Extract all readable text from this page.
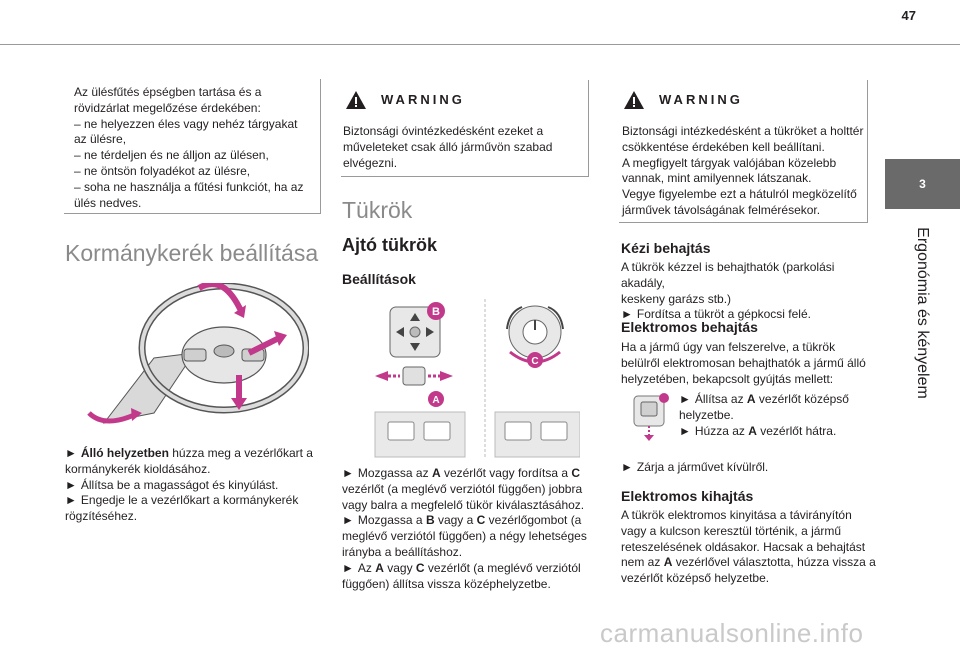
47
3
Ergonómia és kényelem

Az ülésfűtés épségben tartása és a

rövidzárlat megelőzése érdekében:

– ne helyezzen éles vagy nehéz tárgyakat

az ülésre,

– ne térdeljen és ne álljon az ülésen,

– ne öntsön folyadékot az ülésre,

– soha ne használja a fűtési funkciót, ha az

ülés nedves.

Kormánykerék beállítása

► Álló helyzetben húzza meg a vezérlőkart a

kormánykerék kioldásához.

► Állítsa be a magasságot és kinyúlást.

► Engedje le a vezérlőkart a kormánykerék

rögzítéséhez.

WARNING

Biztonsági óvintézkedésként ezeket a

műveleteket csak álló járművön szabad

elvégezni.

Tükrök
Ajtó tükrök
Beállítások
B
A
C

► Mozgassa az A vezérlőt vagy fordítsa a C

vezérlőt (a meglévő verziótól függően) jobbra

vagy balra a megfelelő tükör kiválasztásához.

► Mozgassa a B vagy a C vezérlőgombot (a

meglévő verziótól függően) a négy lehetséges

irányba a beállításhoz.

► Az A vagy C vezérlőt (a meglévő verziótól

függően) állítsa vissza középhelyzetbe.

WARNING

Biztonsági intézkedésként a tükröket a holttér

csökkentése érdekében kell beállítani.

A megfigyelt tárgyak valójában közelebb

vannak, mint amilyennek látszanak.

Vegye figyelembe ezt a hátulról megközelítő

járművek távolságának felmérésekor.

Kézi behajtás

A tükrök kézzel is behajthatók (parkolási akadály,

keskeny garázs stb.)

► Fordítsa a tükröt a gépkocsi felé.

Elektromos behajtás

Ha a jármű úgy van felszerelve, a tükrök

belülről elektromosan behajthatók a jármű álló

helyzetében, bekapcsolt gyújtás mellett:

► Állítsa az A vezérlőt középső

helyzetbe.

► Húzza az A vezérlőt hátra.

► Zárja a járművet kívülről.

Elektromos kihajtás

A tükrök elektromos kinyitása a távirányítón

vagy a kulcson keresztül történik, a jármű

reteszelésének oldásakor. Hacsak a behajtást

nem az A vezérlővel választotta, húzza vissza a

vezérlőt középső helyzetbe.

carmanualsonline.info
